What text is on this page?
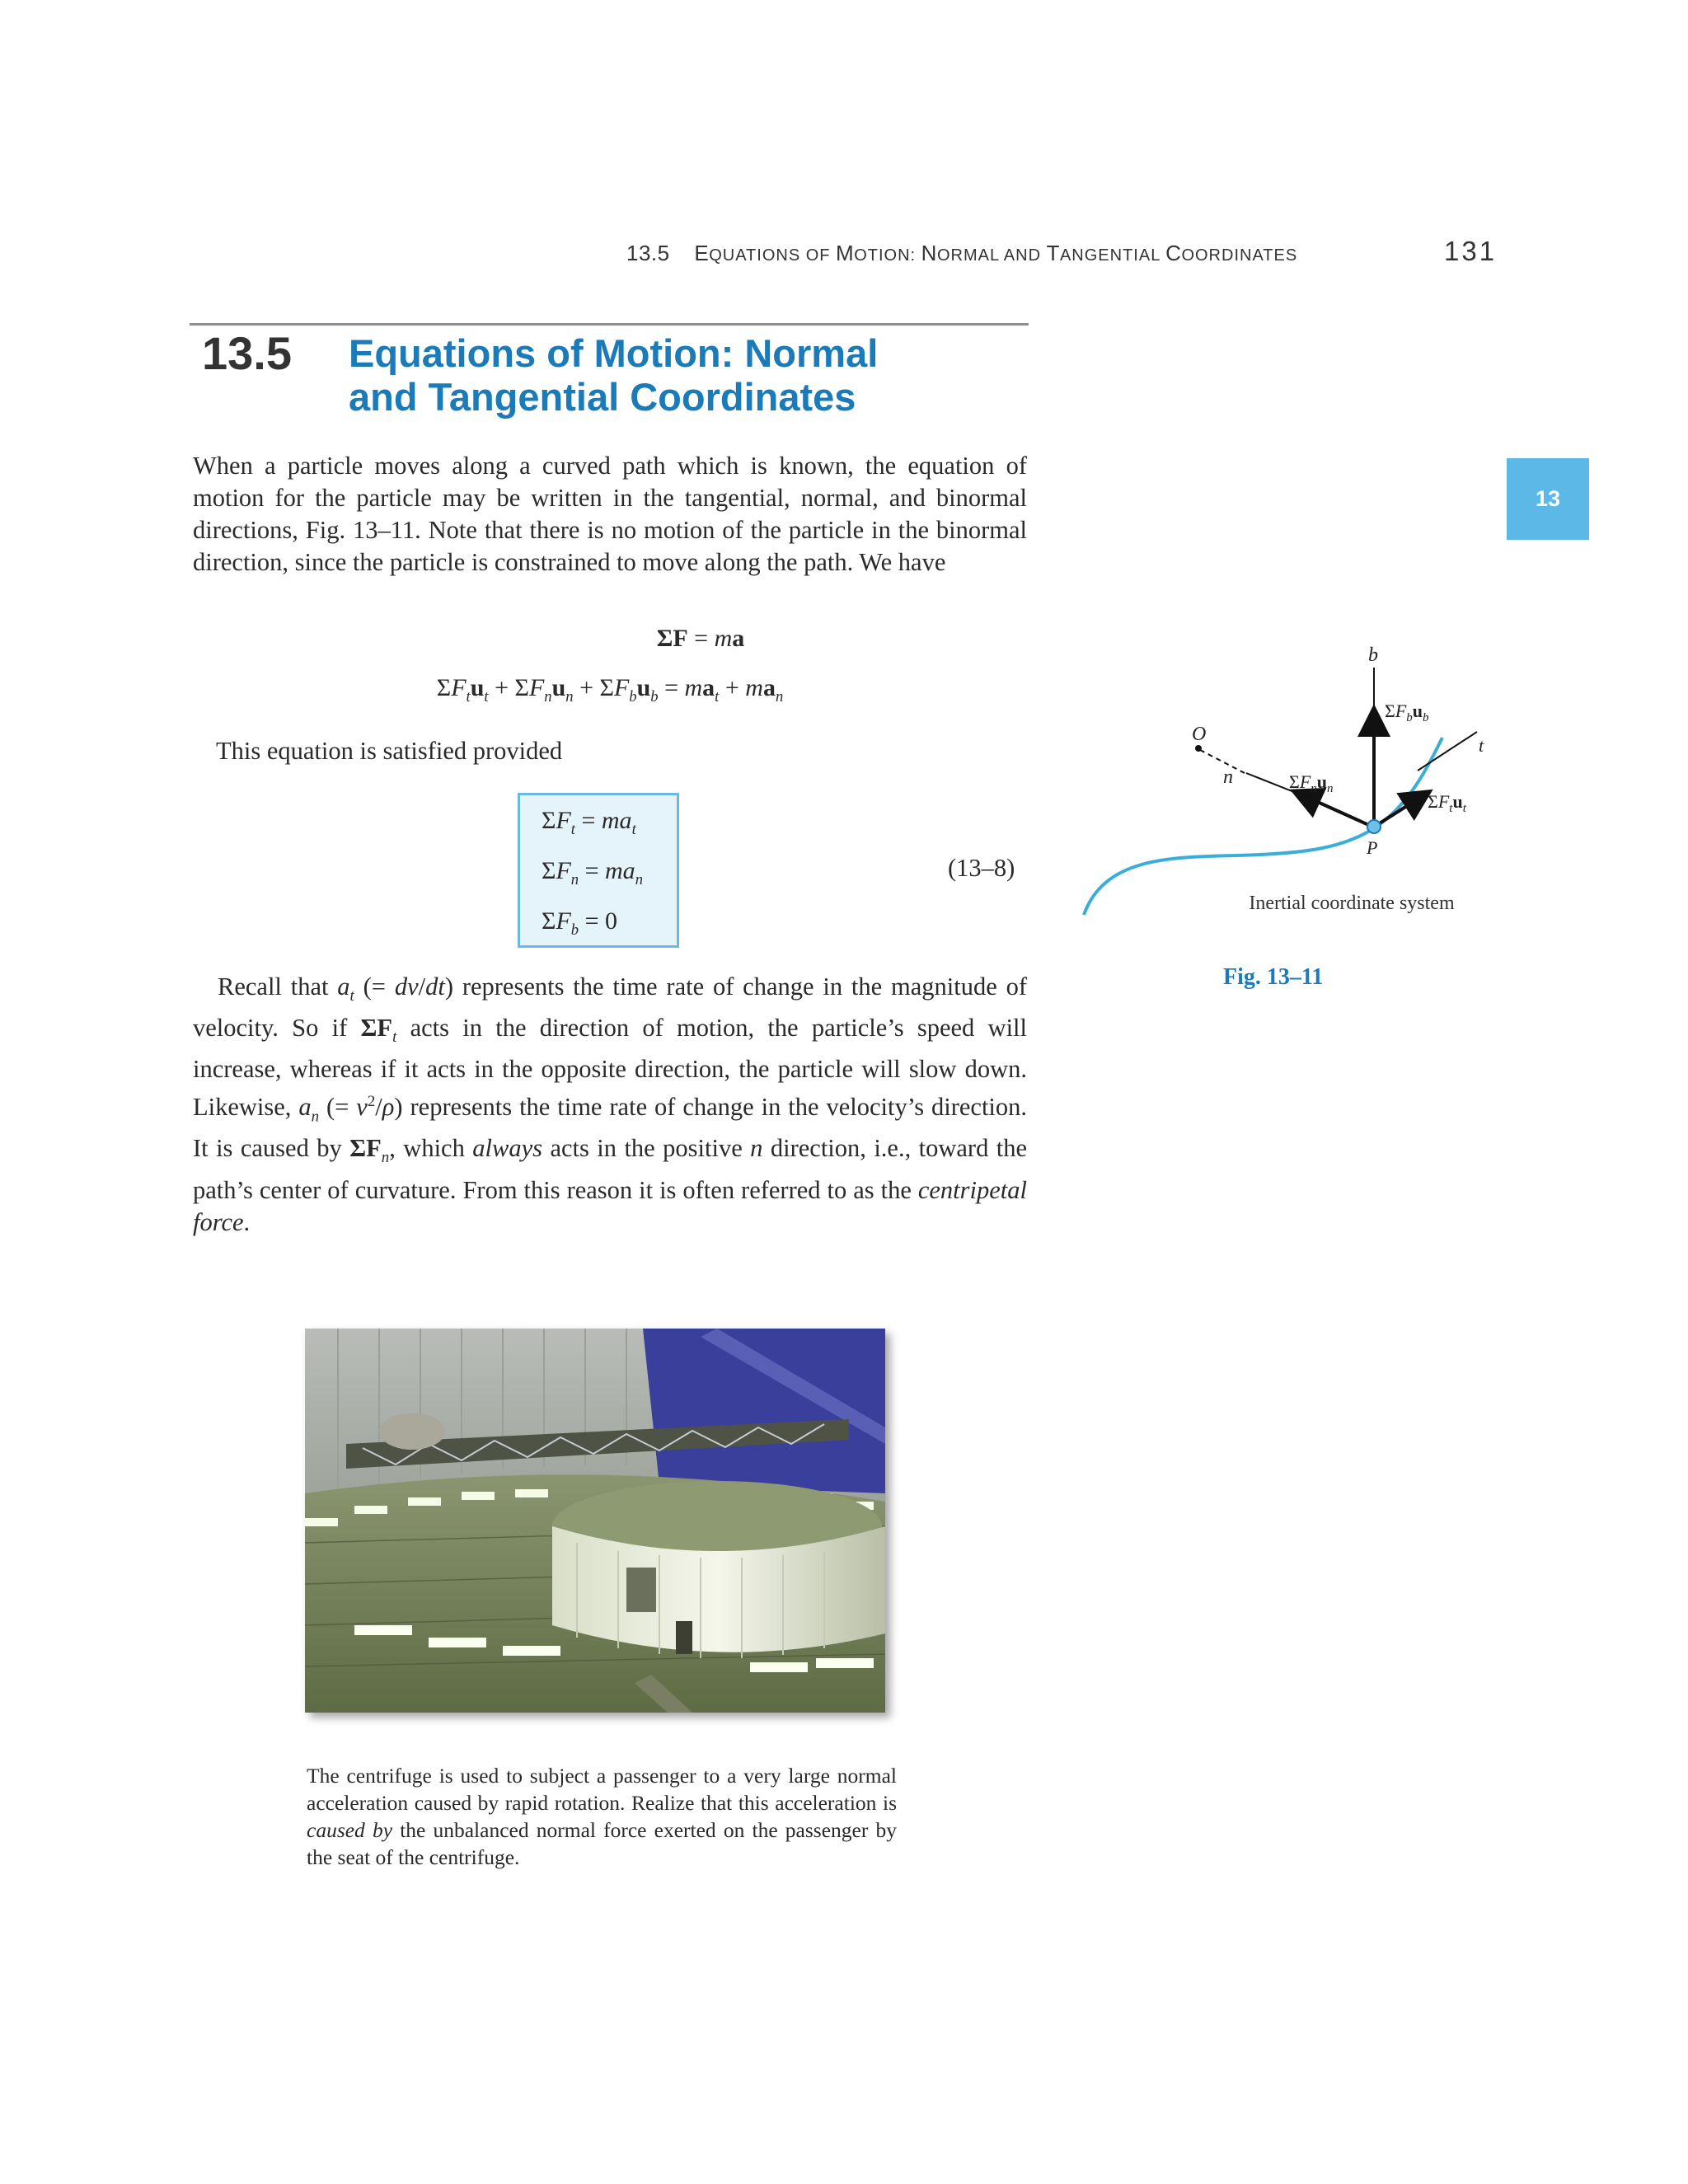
13.5 EQUATIONS OF MOTION: NORMAL AND TANGENTIAL COORDINATES	131
13.5 Equations of Motion: Normal
and Tangential Coordinates
13

When a particle moves along a curved path which is known, the equation of motion for the particle may be written in the tangential, normal, and binormal directions, Fig. 13–11. Note that there is no motion of the particle in the binormal direction, since the particle is constrained to move along the path. We have

ΣF = ma
$\Sigma F_tu_t + \Sigma F_nu_n + \Sigma F_bu_b = ma_t + ma_n$
This equation is satisfied provided
$\Sigma F_t = ma_t$
$\Sigma F_n = ma_n$
$\Sigma F_b = 0$
(13–8)

Recall that $a_t$ (= dv/dt) represents the time rate of change in the magnitude of velocity. So if $\Sigma F_t$ acts in the direction of motion, the particle’s speed will increase, whereas if it acts in the opposite direction, the particle will slow down. Likewise, $a_n$ (= $v^2/\rho$) represents the time rate of change in the velocity’s direction. It is caused by $\Sigma F_n$, which always acts in the positive n direction, i.e., toward the path’s center of curvature. From this reason it is often referred to as the centripetal force.

O
n
b
t
P
$\Sigma F_bu_b$
$\Sigma F_nu_n$
$\Sigma F_tu_t$
Inertial coordinate system
Fig. 13–11
The centrifuge is used to subject a passenger to a very large normal acceleration caused by rapid rotation. Realize that this acceleration is caused by the unbalanced normal force exerted on the passenger by the seat of the centrifuge.
